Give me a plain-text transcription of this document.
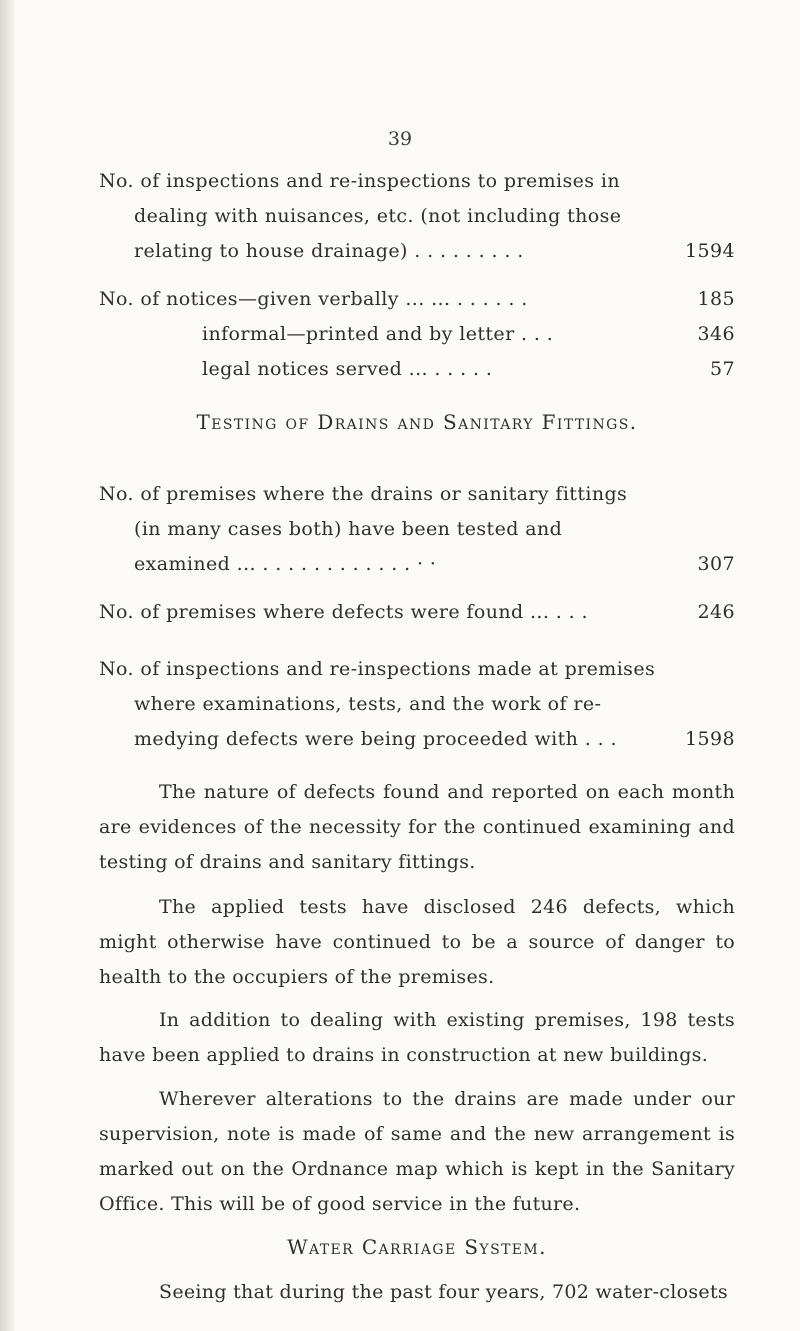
39
No. of inspections and re-inspections to premises in
dealing with nuisances, etc. (not including those
relating to house drainage) . . . . . . . . .	1594
No. of notices—given verbally ... ... . . . . . .	185
informal—printed and by letter . . .	346
legal notices served ... . . . . .	57
Testing of Drains and Sanitary Fittings.
No. of premises where the drains or sanitary fittings
(in many cases both) have been tested and
examined ... . . . . . . . . . . . . · ·	307
No. of premises where defects were found ... . . .	246
No. of inspections and re-inspections made at premises
where examinations, tests, and the work of re-
medying defects were being proceeded with . . .	1598
The nature of defects found and reported on each month are evidences of the necessity for the continued examining and testing of drains and sanitary fittings.
The applied tests have disclosed 246 defects, which might otherwise have continued to be a source of danger to health to the occupiers of the premises.
In addition to dealing with existing premises, 198 tests have been applied to drains in construction at new buildings.
Wherever alterations to the drains are made under our supervision, note is made of same and the new arrangement is marked out on the Ordnance map which is kept in the Sanitary Office. This will be of good service in the future.
Water Carriage System.
Seeing that during the past four years, 702 water-closets
